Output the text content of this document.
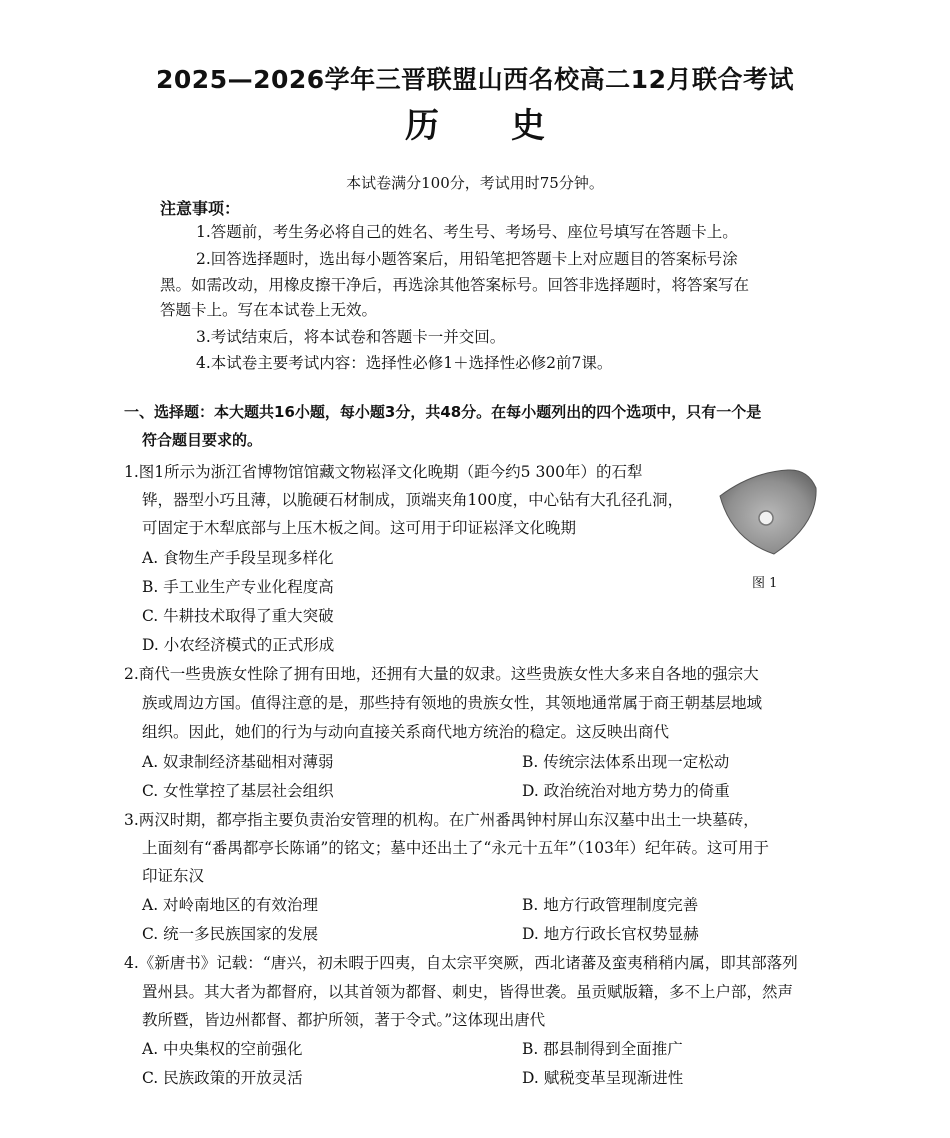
2025—2026学年三晋联盟山西名校高二12月联合考试
历史
本试卷满分100分，考试用时75分钟。
注意事项：
1.答题前，考生务必将自己的姓名、考生号、考场号、座位号填写在答题卡上。
2.回答选择题时，选出每小题答案后，用铅笔把答题卡上对应题目的答案标号涂
黑。如需改动，用橡皮擦干净后，再选涂其他答案标号。回答非选择题时，将答案写在
答题卡上。写在本试卷上无效。
3.考试结束后，将本试卷和答题卡一并交回。
4.本试卷主要考试内容：选择性必修1＋选择性必修2前7课。
一、选择题：本大题共16小题，每小题3分，共48分。在每小题列出的四个选项中，只有一个是
符合题目要求的。
1.图1所示为浙江省博物馆馆藏文物崧泽文化晚期（距今约5 300年）的石犁
铧，器型小巧且薄，以脆硬石材制成，顶端夹角100度，中心钻有大孔径孔洞，
可固定于木犁底部与上压木板之间。这可用于印证崧泽文化晚期
A. 食物生产手段呈现多样化
B. 手工业生产专业化程度高
C. 牛耕技术取得了重大突破
D. 小农经济模式的正式形成
图 1
2.商代一些贵族女性除了拥有田地，还拥有大量的奴隶。这些贵族女性大多来自各地的强宗大
族或周边方国。值得注意的是，那些持有领地的贵族女性，其领地通常属于商王朝基层地域
组织。因此，她们的行为与动向直接关系商代地方统治的稳定。这反映出商代
A. 奴隶制经济基础相对薄弱	B. 传统宗法体系出现一定松动
C. 女性掌控了基层社会组织	D. 政治统治对地方势力的倚重
3.两汉时期，都亭指主要负责治安管理的机构。在广州番禺钟村屏山东汉墓中出土一块墓砖，
上面刻有“番禺都亭长陈诵”的铭文；墓中还出土了“永元十五年”（103年）纪年砖。这可用于
印证东汉
A. 对岭南地区的有效治理	B. 地方行政管理制度完善
C. 统一多民族国家的发展	D. 地方行政长官权势显赫
4.《新唐书》记载：“唐兴，初未暇于四夷，自太宗平突厥，西北诸蕃及蛮夷稍稍内属，即其部落列
置州县。其大者为都督府，以其首领为都督、刺史，皆得世袭。虽贡赋版籍，多不上户部，然声
教所暨，皆边州都督、都护所领，著于令式。”这体现出唐代
A. 中央集权的空前强化	B. 郡县制得到全面推广
C. 民族政策的开放灵活	D. 赋税变革呈现渐进性
